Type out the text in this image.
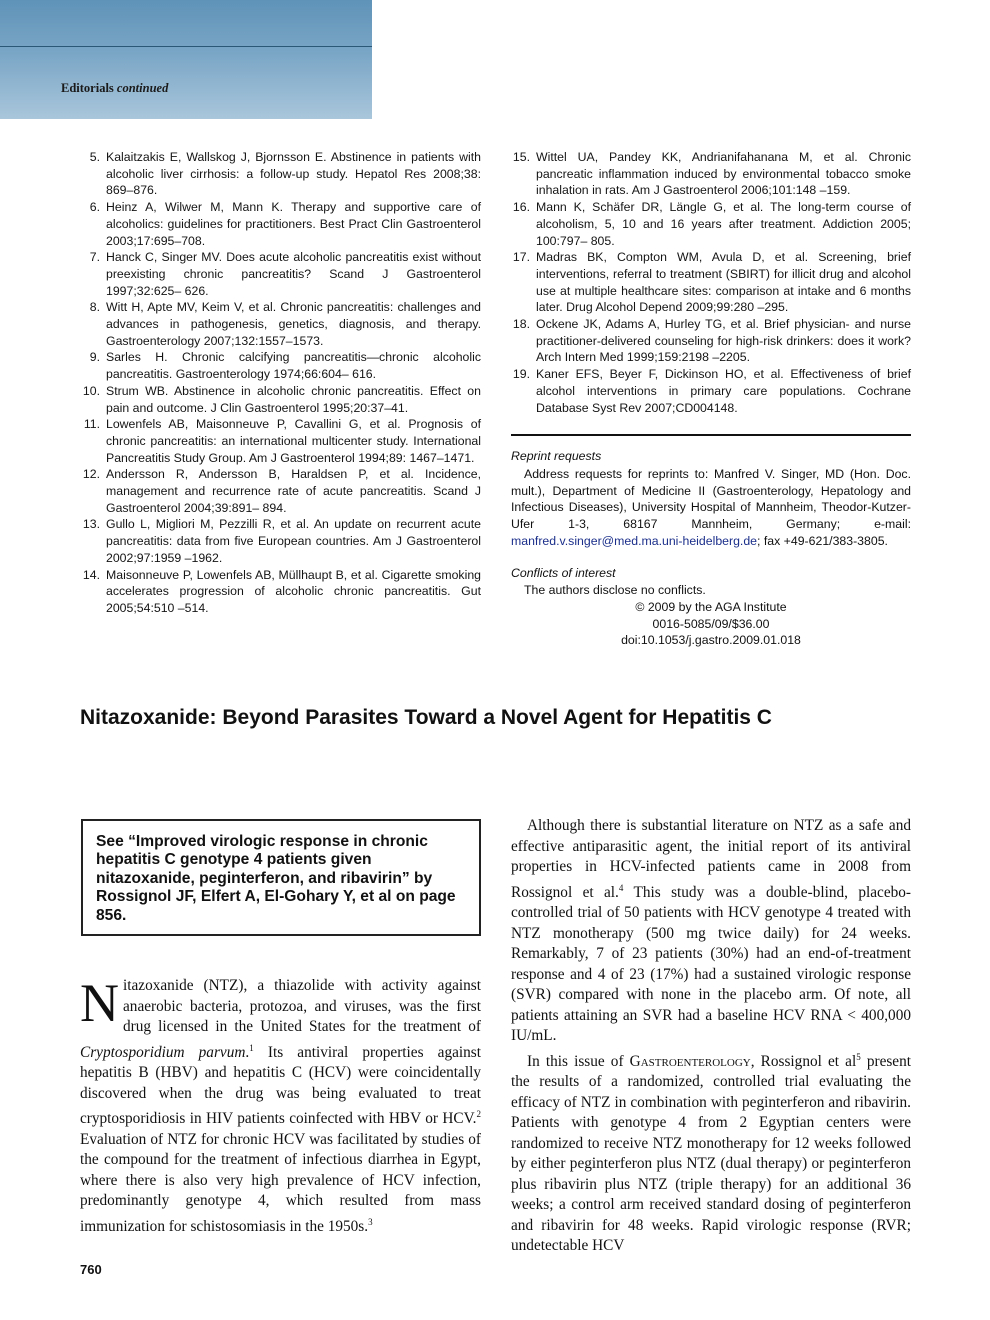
Editorials continued
5. Kalaitzakis E, Wallskog J, Bjornsson E. Abstinence in patients with alcoholic liver cirrhosis: a follow-up study. Hepatol Res 2008;38: 869–876.
6. Heinz A, Wilwer M, Mann K. Therapy and supportive care of alcoholics: guidelines for practitioners. Best Pract Clin Gastroenterol 2003;17:695–708.
7. Hanck C, Singer MV. Does acute alcoholic pancreatitis exist without preexisting chronic pancreatitis? Scand J Gastroenterol 1997;32:625– 626.
8. Witt H, Apte MV, Keim V, et al. Chronic pancreatitis: challenges and advances in pathogenesis, genetics, diagnosis, and therapy. Gastroenterology 2007;132:1557–1573.
9. Sarles H. Chronic calcifying pancreatitis—chronic alcoholic pancreatitis. Gastroenterology 1974;66:604– 616.
10. Strum WB. Abstinence in alcoholic chronic pancreatitis. Effect on pain and outcome. J Clin Gastroenterol 1995;20:37–41.
11. Lowenfels AB, Maisonneuve P, Cavallini G, et al. Prognosis of chronic pancreatitis: an international multicenter study. International Pancreatitis Study Group. Am J Gastroenterol 1994;89: 1467–1471.
12. Andersson R, Andersson B, Haraldsen P, et al. Incidence, management and recurrence rate of acute pancreatitis. Scand J Gastroenterol 2004;39:891– 894.
13. Gullo L, Migliori M, Pezzilli R, et al. An update on recurrent acute pancreatitis: data from five European countries. Am J Gastroenterol 2002;97:1959 –1962.
14. Maisonneuve P, Lowenfels AB, Müllhaupt B, et al. Cigarette smoking accelerates progression of alcoholic chronic pancreatitis. Gut 2005;54:510 –514.
15. Wittel UA, Pandey KK, Andrianifahanana M, et al. Chronic pancreatic inflammation induced by environmental tobacco smoke inhalation in rats. Am J Gastroenterol 2006;101:148 –159.
16. Mann K, Schäfer DR, Längle G, et al. The long-term course of alcoholism, 5, 10 and 16 years after treatment. Addiction 2005; 100:797– 805.
17. Madras BK, Compton WM, Avula D, et al. Screening, brief interventions, referral to treatment (SBIRT) for illicit drug and alcohol use at multiple healthcare sites: comparison at intake and 6 months later. Drug Alcohol Depend 2009;99:280 –295.
18. Ockene JK, Adams A, Hurley TG, et al. Brief physician- and nurse practitioner-delivered counseling for high-risk drinkers: does it work? Arch Intern Med 1999;159:2198 –2205.
19. Kaner EFS, Beyer F, Dickinson HO, et al. Effectiveness of brief alcohol interventions in primary care populations. Cochrane Database Syst Rev 2007;CD004148.
Reprint requests
Address requests for reprints to: Manfred V. Singer, MD (Hon. Doc. mult.), Department of Medicine II (Gastroenterology, Hepatology and Infectious Diseases), University Hospital of Mannheim, Theodor-Kutzer-Ufer 1-3, 68167 Mannheim, Germany; e-mail: manfred.v.singer@med.ma.uni-heidelberg.de; fax +49-621/383-3805.
Conflicts of interest
The authors disclose no conflicts.
© 2009 by the AGA Institute
0016-5085/09/$36.00
doi:10.1053/j.gastro.2009.01.018
Nitazoxanide: Beyond Parasites Toward a Novel Agent for Hepatitis C
See “Improved virologic response in chronic hepatitis C genotype 4 patients given nitazoxanide, peginterferon, and ribavirin” by Rossignol JF, Elfert A, El-Gohary Y, et al on page 856.

Nitazoxanide (NTZ), a thiazolide with activity against anaerobic bacteria, protozoa, and viruses, was the first drug licensed in the United States for the treatment of Cryptosporidium parvum.$^1$ Its antiviral properties against hepatitis B (HBV) and hepatitis C (HCV) were coincidentally discovered when the drug was being evaluated to treat cryptosporidiosis in HIV patients coinfected with HBV or HCV.$^2$ Evaluation of NTZ for chronic HCV was facilitated by studies of the compound for the treatment of infectious diarrhea in Egypt, where there is also very high prevalence of HCV infection, predominantly genotype 4, which resulted from mass immunization for schistosomiasis in the 1950s.$^3$

Although there is substantial literature on NTZ as a safe and effective antiparasitic agent, the initial report of its antiviral properties in HCV-infected patients came in 2008 from Rossignol et al.$^4$ This study was a double-blind, placebo-controlled trial of 50 patients with HCV genotype 4 treated with NTZ monotherapy (500 mg twice daily) for 24 weeks. Remarkably, 7 of 23 patients (30%) had an end-of-treatment response and 4 of 23 (17%) had a sustained virologic response (SVR) compared with none in the placebo arm. Of note, all patients attaining an SVR had a baseline HCV RNA < 400,000 IU/mL.

In this issue of Gastroenterology, Rossignol et $al^5$ present the results of a randomized, controlled trial evaluating the efficacy of NTZ in combination with peginterferon and ribavirin. Patients with genotype 4 from 2 Egyptian centers were randomized to receive NTZ monotherapy for 12 weeks followed by either peginterferon plus NTZ (dual therapy) or peginterferon plus ribavirin plus NTZ (triple therapy) for an additional 36 weeks; a control arm received standard dosing of peginterferon and ribavirin for 48 weeks. Rapid virologic response (RVR; undetectable HCV

760
